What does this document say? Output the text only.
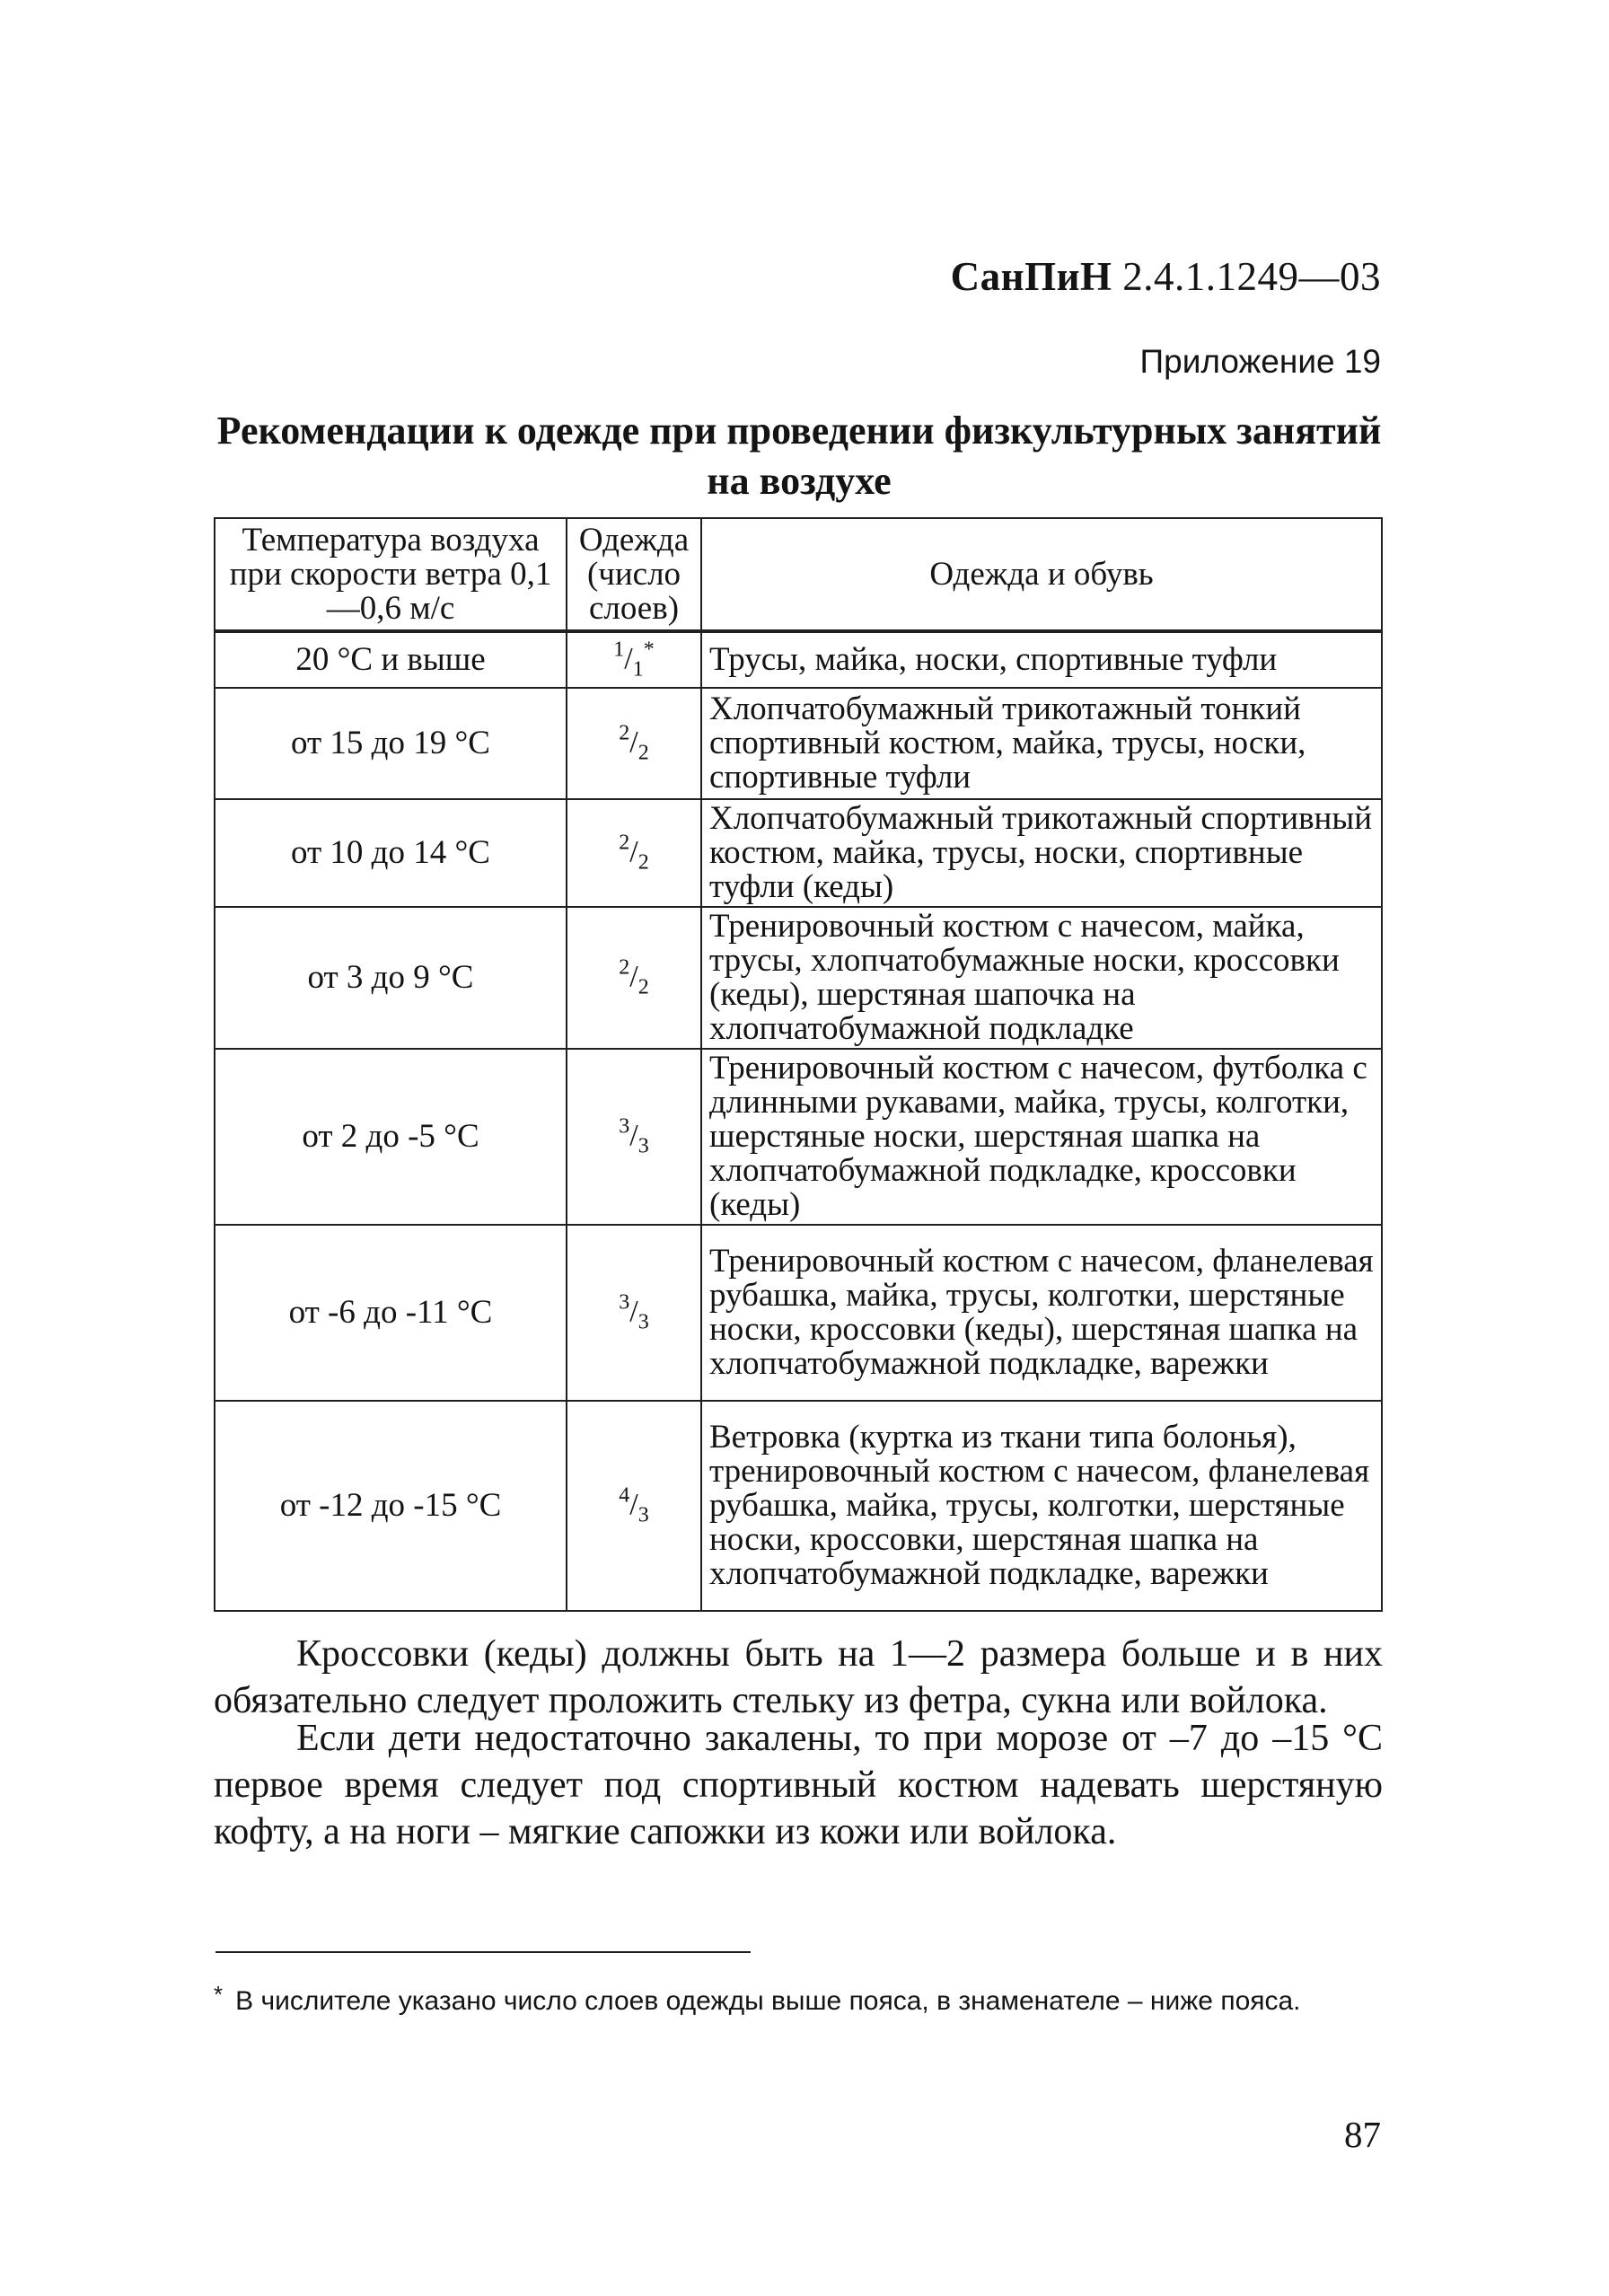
СанПиН 2.4.1.1249—03
Приложение 19
Рекомендации к одежде при проведении физкультурных занятий на воздухе
Температура воздуха при скорости ветра 0,1—0,6 м/с	Одежда (число слоев)	Одежда и обувь
20 °С и выше	$^1/_1^*$	Трусы, майка, носки, спортивные туфли
от 15 до 19 °С	$^2/_2$	Хлопчатобумажный трикотажный тонкий спортивный костюм, майка, трусы, носки, спортивные туфли
от 10 до 14 °С	$^2/_2$	Хлопчатобумажный трикотажный спортивный костюм, майка, трусы, носки, спортивные туфли (кеды)
от 3 до 9 °С	$^2/_2$	Тренировочный костюм с начесом, майка, трусы, хлопчатобумажные носки, кроссовки (кеды), шерстяная шапочка на хлопчатобумажной подкладке
от 2 до -5 °С	$^3/_3$	Тренировочный костюм с начесом, футболка с длинными рукавами, майка, трусы, колготки, шерстяные носки, шерстяная шапка на хлопчатобумажной подкладке, кроссовки (кеды)
от -6 до -11 °С	$^3/_3$	Тренировочный костюм с начесом, фланелевая рубашка, майка, трусы, колготки, шерстяные носки, кроссовки (кеды), шерстяная шапка на хлопчатобумажной подкладке, варежки
от -12 до -15 °С	$^4/_3$	Ветровка (куртка из ткани типа болонья), тренировочный костюм с начесом, фланелевая рубашка, майка, трусы, колготки, шерстяные носки, кроссовки, шерстяная шапка на хлопчатобумажной подкладке, варежки

Кроссовки (кеды) должны быть на 1—2 размера больше и в них обязательно следует проложить стельку из фетра, сукна или войлока.

Если дети недостаточно закалены, то при морозе от –7 до –15 °С первое время следует под спортивный костюм надевать шерстяную кофту, а на ноги – мягкие сапожки из кожи или войлока.

* В числителе указано число слоев одежды выше пояса, в знаменателе – ниже пояса.
87
